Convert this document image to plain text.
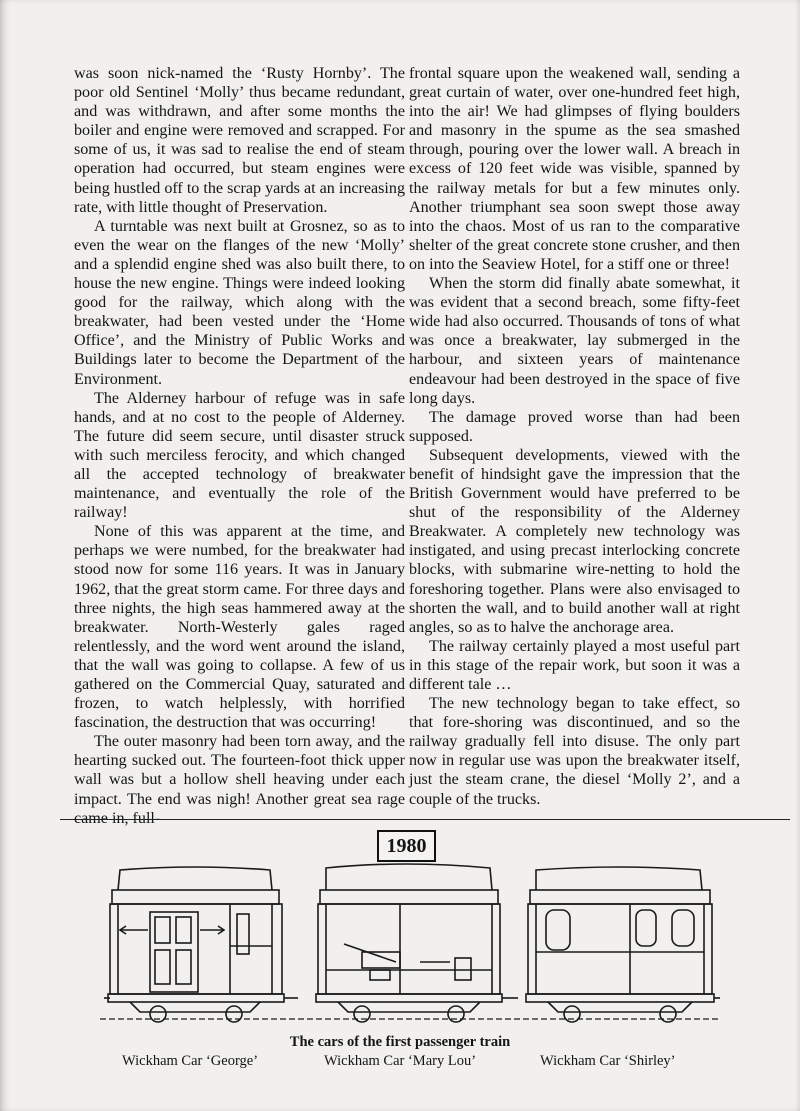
was soon nick-named the ‘Rusty Hornby’. The poor old Sentinel ‘Molly’ thus became redundant, and was withdrawn, and after some months the boiler and engine were removed and scrapped. For some of us, it was sad to realise the end of steam operation had occurred, but steam engines were being hustled off to the scrap yards at an increasing rate, with little thought of Preservation.

A turntable was next built at Grosnez, so as to even the wear on the flanges of the new ‘Molly’ and a splendid engine shed was also built there, to house the new engine. Things were indeed looking good for the railway, which along with the breakwater, had been vested under the ‘Home Office’, and the Ministry of Public Works and Buildings later to become the Department of the Environment.

The Alderney harbour of refuge was in safe hands, and at no cost to the people of Alderney. The future did seem secure, until disaster struck with such merciless ferocity, and which changed all the accepted technology of breakwater maintenance, and eventually the role of the railway!

None of this was apparent at the time, and perhaps we were numbed, for the breakwater had stood now for some 116 years. It was in January 1962, that the great storm came. For three days and three nights, the high seas hammered away at the breakwater. North-Westerly gales raged relentlessly, and the word went around the island, that the wall was going to collapse. A few of us gathered on the Commercial Quay, saturated and frozen, to watch helplessly, with horrified fascination, the destruction that was occurring!

The outer masonry had been torn away, and the hearting sucked out. The fourteen-foot thick upper wall was but a hollow shell heaving under each impact. The end was nigh! Another great sea rage came in, full-

frontal square upon the weakened wall, sending a great curtain of water, over one-hundred feet high, into the air! We had glimpses of flying boulders and masonry in the spume as the sea smashed through, pouring over the lower wall. A breach in excess of 120 feet wide was visible, spanned by the railway metals for but a few minutes only. Another triumphant sea soon swept those away into the chaos. Most of us ran to the comparative shelter of the great concrete stone crusher, and then on into the Seaview Hotel, for a stiff one or three!

When the storm did finally abate somewhat, it was evident that a second breach, some fifty-feet wide had also occurred. Thousands of tons of what was once a breakwater, lay submerged in the harbour, and sixteen years of maintenance endeavour had been destroyed in the space of five long days.

The damage proved worse than had been supposed.

Subsequent developments, viewed with the benefit of hindsight gave the impression that the British Government would have preferred to be shut of the responsibility of the Alderney Breakwater. A completely new technology was instigated, and using precast interlocking concrete blocks, with submarine wire-netting to hold the foreshoring together. Plans were also envisaged to shorten the wall, and to build another wall at right angles, so as to halve the anchorage area.

The railway certainly played a most useful part in this stage of the repair work, but soon it was a different tale …

The new technology began to take effect, so that fore-shoring was discontinued, and so the railway gradually fell into disuse. The only part now in regular use was upon the breakwater itself, just the steam crane, the diesel ‘Molly 2’, and a couple of the trucks.

1980
The cars of the first passenger train
Wickham Car ‘George’	Wickham Car ‘Mary Lou’	Wickham Car ‘Shirley’
